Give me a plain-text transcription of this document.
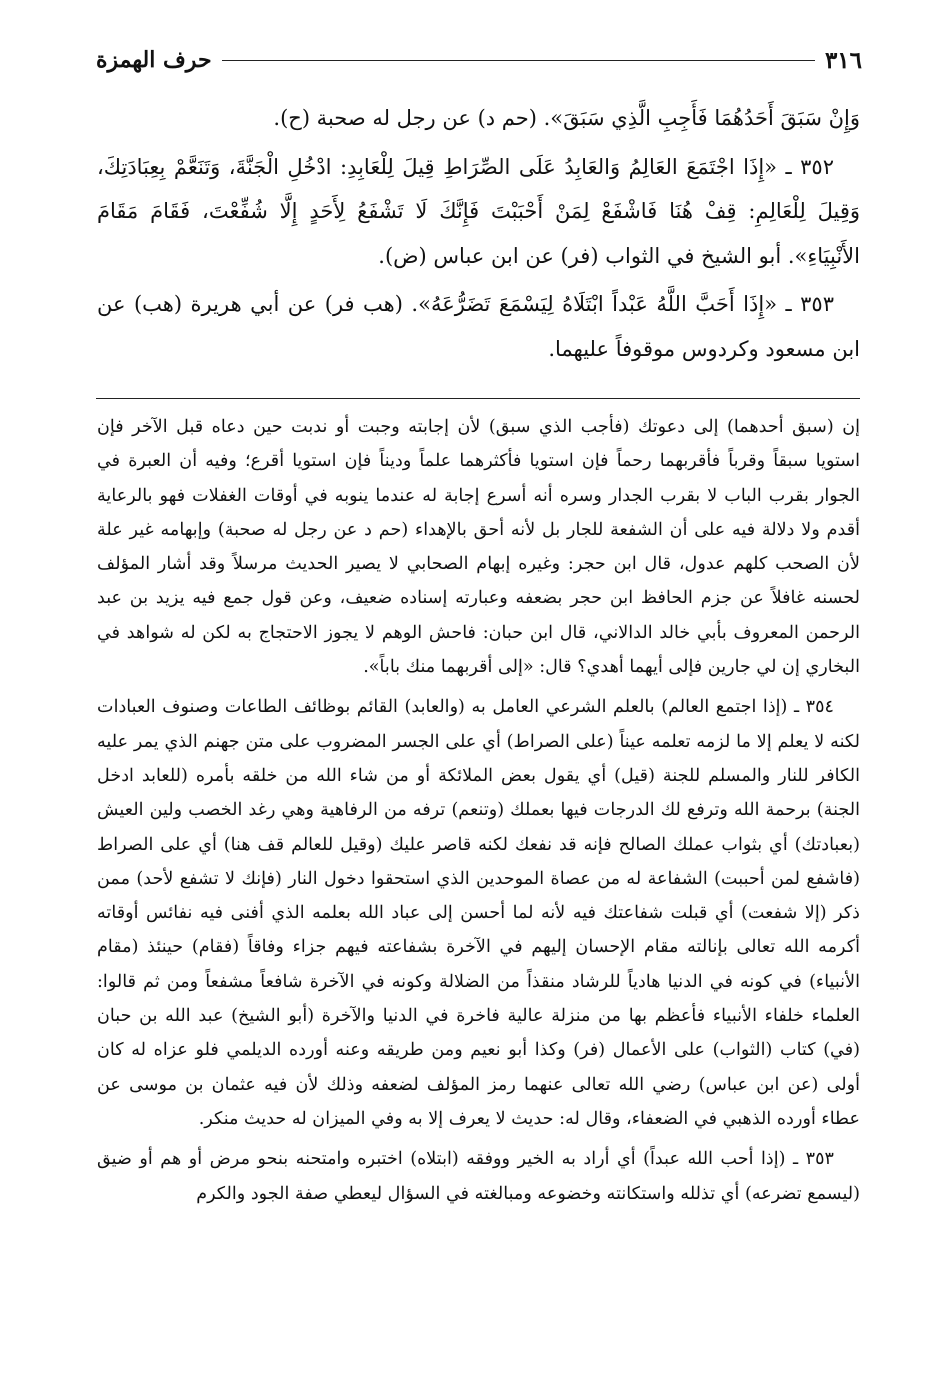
٣١٦
حرف الهمزة

وَإِنْ سَبَقَ أَحَدُهُمَا فَأَجِبِ الَّذِي سَبَقَ». (حم د) عن رجل له صحبة (ح).

٣٥٢ ـ «إِذَا اجْتَمَعَ العَالِمُ وَالعَابِدُ عَلَى الصِّرَاطِ قِيلَ لِلْعَابِدِ: ادْخُلِ الْجَنَّةَ، وَتَنَعَّمْ بِعِبَادَتِكَ، وَقِيلَ لِلْعَالِمِ: قِفْ هُنَا فَاشْفَعْ لِمَنْ أَحْبَبْتَ فَإِنَّكَ لَا تَشْفَعُ لِأَحَدٍ إِلَّا شُفِّعْتَ، فَقَامَ مَقَامَ الأَنْبِيَاءِ». أبو الشيخ في الثواب (فر) عن ابن عباس (ض).

٣٥٣ ـ «إِذَا أَحَبَّ اللَّهُ عَبْداً ابْتَلَاهُ لِيَسْمَعَ تَضَرُّعَهُ». (هب فر) عن أبي هريرة (هب) عن ابن مسعود وكردوس موقوفاً عليهما.

إن (سبق أحدهما) إلى دعوتك (فأجب الذي سبق) لأن إجابته وجبت أو ندبت حين دعاه قبل الآخر فإن استويا سبقاً وقرباً فأقربهما رحماً فإن استويا فأكثرهما علماً وديناً فإن استويا أقرع؛ وفيه أن العبرة في الجوار بقرب الباب لا بقرب الجدار وسره أنه أسرع إجابة له عندما ينوبه في أوقات الغفلات فهو بالرعاية أقدم ولا دلالة فيه على أن الشفعة للجار بل لأنه أحق بالإهداء (حم د عن رجل له صحبة) وإبهامه غير علة لأن الصحب كلهم عدول، قال ابن حجر: وغيره إبهام الصحابي لا يصير الحديث مرسلاً وقد أشار المؤلف لحسنه غافلاً عن جزم الحافظ ابن حجر بضعفه وعبارته إسناده ضعيف، وعن قول جمع فيه يزيد بن عبد الرحمن المعروف بأبي خالد الدالاني، قال ابن حبان: فاحش الوهم لا يجوز الاحتجاج به لكن له شواهد في البخاري إن لي جارين فإلى أيهما أهدي؟ قال: «إلى أقربهما منك باباً».

٣٥٤ ـ (إذا اجتمع العالم) بالعلم الشرعي العامل به (والعابد) القائم بوظائف الطاعات وصنوف العبادات لكنه لا يعلم إلا ما لزمه تعلمه عيناً (على الصراط) أي على الجسر المضروب على متن جهنم الذي يمر عليه الكافر للنار والمسلم للجنة (قيل) أي يقول بعض الملائكة أو من شاء الله من خلقه بأمره (للعابد ادخل الجنة) برحمة الله وترفع لك الدرجات فيها بعملك (وتنعم) ترفه من الرفاهية وهي رغد الخصب ولين العيش (بعبادتك) أي بثواب عملك الصالح فإنه قد نفعك لكنه قاصر عليك (وقيل للعالم قف هنا) أي على الصراط (فاشفع لمن أحببت) الشفاعة له من عصاة الموحدين الذي استحقوا دخول النار (فإنك لا تشفع لأحد) ممن ذكر (إلا شفعت) أي قبلت شفاعتك فيه لأنه لما أحسن إلى عباد الله بعلمه الذي أفنى فيه نفائس أوقاته أكرمه الله تعالى بإنالته مقام الإحسان إليهم في الآخرة بشفاعته فيهم جزاء وفاقاً (فقام) حينئذ (مقام الأنبياء) في كونه في الدنيا هادياً للرشاد منقذاً من الضلالة وكونه في الآخرة شافعاً مشفعاً ومن ثم قالوا: العلماء خلفاء الأنبياء فأعظم بها من منزلة عالية فاخرة في الدنيا والآخرة (أبو الشيخ) عبد الله بن حبان (في) كتاب (الثواب) على الأعمال (فر) وكذا أبو نعيم ومن طريقه وعنه أورده الديلمي فلو عزاه له كان أولى (عن ابن عباس) رضي الله تعالى عنهما رمز المؤلف لضعفه وذلك لأن فيه عثمان بن موسى عن عطاء أورده الذهبي في الضعفاء، وقال له: حديث لا يعرف إلا به وفي الميزان له حديث منكر.

٣٥٣ ـ (إذا أحب الله عبداً) أي أراد به الخير ووفقه (ابتلاه) اختبره وامتحنه بنحو مرض أو هم أو ضيق (ليسمع تضرعه) أي تذلله واستكانته وخضوعه ومبالغته في السؤال ليعطي صفة الجود والكرم
